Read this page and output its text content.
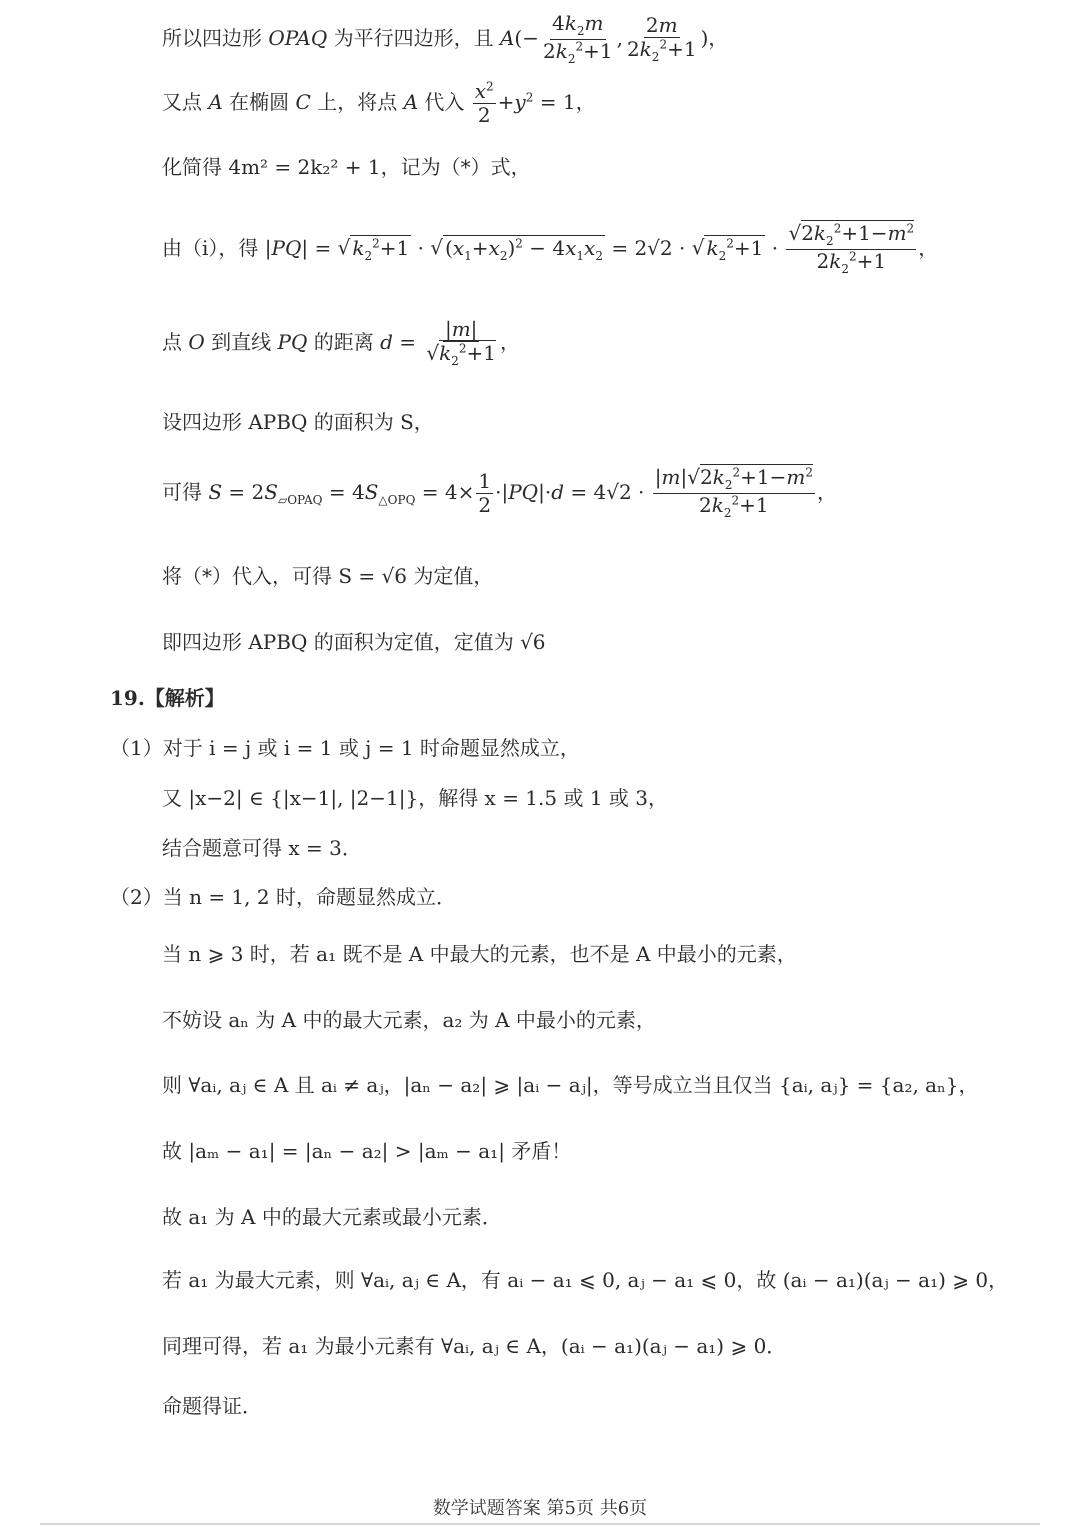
所以四边形 OPAQ 为平行四边形，且 $A(- \frac{4k_2m}{2k_2^2+1}$ , $\frac{2m}{2k_2^2+1}$ )，
又点 A 在椭圆 C 上，将点 A 代入 $\frac{x^2}{2} +y^2 = 1$，
化简得 4m² = 2k₂² + 1，记为（*）式，
由（i），得 |PQ| = √ $k_2^2+1$ · √ $(x_1+x_2)^2 - 4x_1x_2 = 2√2$ · √ $k_2^2+1 \cdot \frac{√2k_2^2+1-m^2}{2k_2^2+1}$ ，
点 O 到直线 PQ 的距离 $d = \frac{|m|}{√k_2^2+1}$ ，
设四边形 APBQ 的面积为 S，
可得 $S = 2S_{▱OPAQ} = 4S_{\triangle OPQ} = 4\times \frac{1}{2} \cdot|PQ|\cdot d = 4√2 \cdot \frac{|m|√2k_2^2+1-m^2}{2k_2^2+1}$ ，
将（*）代入，可得 S = √6 为定值，
即四边形 APBQ 的面积为定值，定值为 √6
19.【解析】
（1）对于 i = j 或 i = 1 或 j = 1 时命题显然成立，
又 |x−2| ∈ {|x−1|, |2−1|}，解得 x = 1.5 或 1 或 3，
结合题意可得 x = 3．
（2）当 n = 1, 2 时，命题显然成立．
当 n ⩾ 3 时，若 a₁ 既不是 A 中最大的元素，也不是 A 中最小的元素，
不妨设 aₙ 为 A 中的最大元素，a₂ 为 A 中最小的元素，
则 ∀aᵢ, aⱼ ∈ A 且 aᵢ ≠ aⱼ，|aₙ − a₂| ⩾ |aᵢ − aⱼ|，等号成立当且仅当 {aᵢ, aⱼ} = {a₂, aₙ}，
故 |aₘ − a₁| = |aₙ − a₂| > |aₘ − a₁| 矛盾！
故 a₁ 为 A 中的最大元素或最小元素．
若 a₁ 为最大元素，则 ∀aᵢ, aⱼ ∈ A，有 aᵢ − a₁ ⩽ 0, aⱼ − a₁ ⩽ 0，故 (aᵢ − a₁)(aⱼ − a₁) ⩾ 0，
同理可得，若 a₁ 为最小元素有 ∀aᵢ, aⱼ ∈ A，(aᵢ − a₁)(aⱼ − a₁) ⩾ 0．
命题得证．
数学试题答案 第5页 共6页
